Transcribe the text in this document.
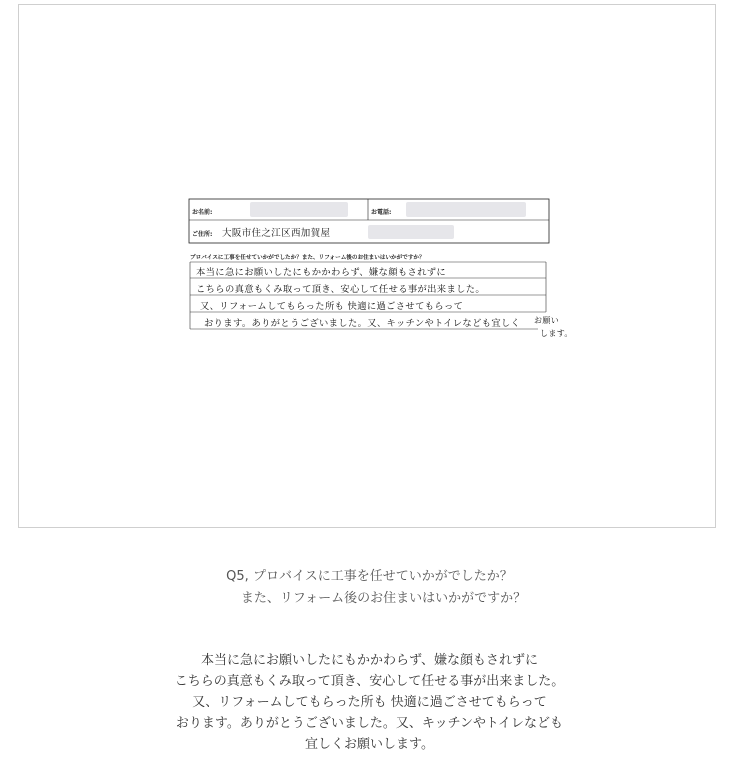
お名前:	お電話:
ご住所: 大阪市住之江区西加賀屋
プロバイスに工事を任せていかがでしたか？また、リフォーム後のお住まいはいかがですか？
本当に急にお願いしたにもかかわらず、嫌な顔もされずに
こちらの真意もくみ取って頂き、安心して任せる事が出来ました。
又、リフォームしてもらった所も 快適に過ごさせてもらって
おります。ありがとうございました。又、キッチンやトイレなども宜しく お願い
します。
Q5, プロバイスに工事を任せていかがでしたか？
また、リフォーム後のお住まいはいかがですか？
本当に急にお願いしたにもかかわらず、嫌な顔もされずに
こちらの真意もくみ取って頂き、安心して任せる事が出来ました。
又、リフォームしてもらった所も 快適に過ごさせてもらって
おります。ありがとうございました。又、キッチンやトイレなども
宜しくお願いします。
